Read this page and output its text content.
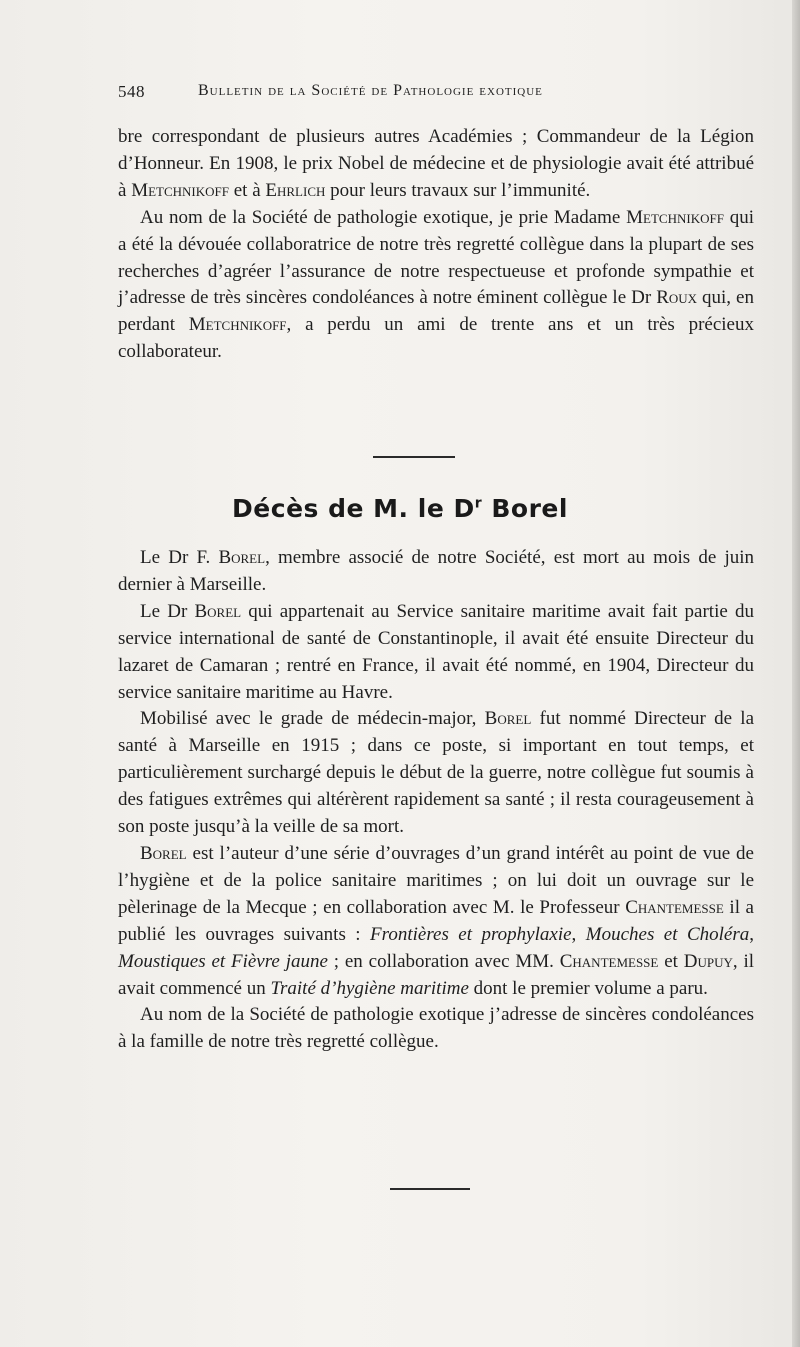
548	Bulletin de la Société de Pathologie exotique

bre correspondant de plusieurs autres Académies ; Commandeur de la Légion d’Honneur. En 1908, le prix Nobel de médecine et de physiologie avait été attribué à Metchnikoff et à Ehrlich pour leurs travaux sur l’immunité.

Au nom de la Société de pathologie exotique, je prie Madame Metchnikoff qui a été la dévouée collaboratrice de notre très regretté collègue dans la plupart de ses recherches d’agréer l’assurance de notre respectueuse et profonde sympathie et j’adresse de très sincères condoléances à notre éminent collègue le Dr Roux qui, en perdant Metchnikoff, a perdu un ami de trente ans et un très précieux collaborateur.

Décès de M. le $D^r$ Borel

Le Dr F. Borel, membre associé de notre Société, est mort au mois de juin dernier à Marseille.

Le Dr Borel qui appartenait au Service sanitaire maritime avait fait partie du service international de santé de Constantinople, il avait été ensuite Directeur du lazaret de Camaran ; rentré en France, il avait été nommé, en 1904, Directeur du service sanitaire maritime au Havre.

Mobilisé avec le grade de médecin-major, Borel fut nommé Directeur de la santé à Marseille en 1915 ; dans ce poste, si important en tout temps, et particulièrement surchargé depuis le début de la guerre, notre collègue fut soumis à des fatigues extrêmes qui altérèrent rapidement sa santé ; il resta courageusement à son poste jusqu’à la veille de sa mort.

Borel est l’auteur d’une série d’ouvrages d’un grand intérêt au point de vue de l’hygiène et de la police sanitaire maritimes ; on lui doit un ouvrage sur le pèlerinage de la Mecque ; en collaboration avec M. le Professeur Chantemesse il a publié les ouvrages suivants : Frontières et prophylaxie, Mouches et Choléra, Moustiques et Fièvre jaune ; en collaboration avec MM. Chantemesse et Dupuy, il avait commencé un Traité d’hygiène maritime dont le premier volume a paru.

Au nom de la Société de pathologie exotique j’adresse de sincères condoléances à la famille de notre très regretté collègue.
